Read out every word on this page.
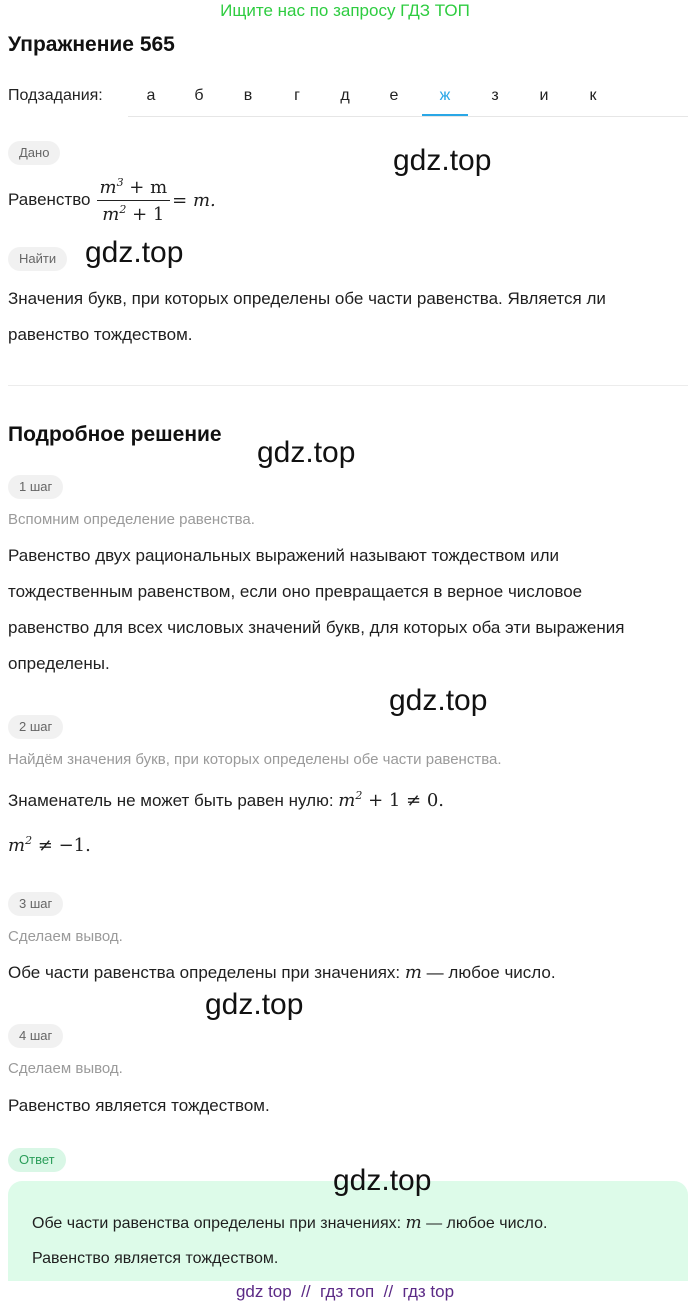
Ищите нас по запросу ГДЗ ТОП
Упражнение 565
Подзадания:	а	б	в	г	д	е	ж	з	и	к
Дано	gdz.top
Равенство $\frac{m^3 + m}{m^2 + 1} = m$.
Найти gdz.top
Значения букв, при которых определены обе части равенства. Является ли
равенство тождеством.
Подробное решение
gdz.top
1 шаг
Вспомним определение равенства.
Равенство двух рациональных выражений называют тождеством или
тождественным равенством, если оно превращается в верное числовое
равенство для всех числовых значений букв, для которых оба эти выражения
определены.
gdz.top
2 шаг
Найдём значения букв, при которых определены обе части равенства.
Знаменатель не может быть равен нулю: $m^2 + 1 \ne 0$.
$m^2 \ne -1$.
3 шаг
Сделаем вывод.
Обе части равенства определены при значениях: m — любое число.
gdz.top
4 шаг
Сделаем вывод.
Равенство является тождеством.
Ответ
Обе части равенства определены при значениях: m — любое число.
Равенство является тождеством.
gdz.top
gdz top  //  гдз топ  //  гдз top
